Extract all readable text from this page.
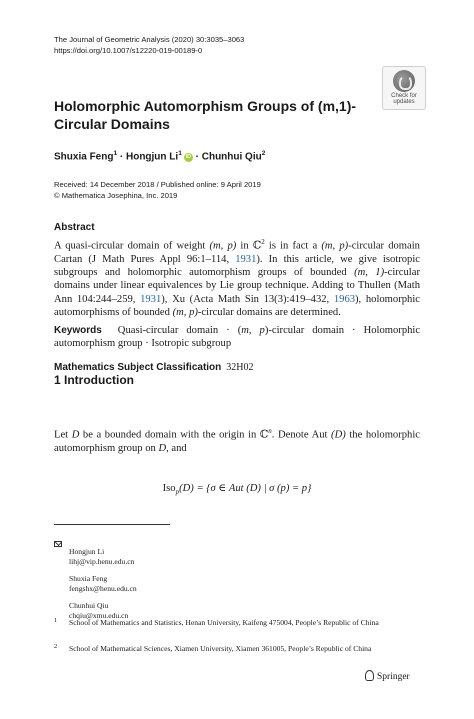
The Journal of Geometric Analysis (2020) 30:3035–3063
https://doi.org/10.1007/s12220-019-00189-0
Check for
updates
Holomorphic Automorphism Groups of (m,1)-Circular Domains
Shuxia Feng$^1$ · Hongjun $Li^1iD$ · Chunhui Qiu$^2$
Received: 14 December 2018 / Published online: 9 April 2019
© Mathematica Josephina, Inc. 2019
Abstract
A quasi-circular domain of weight (m, p) in ℂ$^2$ is in fact a (m, p)-circular domain Cartan (J Math Pures Appl 96:1–114, 1931). In this article, we give isotropic subgroups and holomorphic automorphism groups of bounded (m, 1)-circular domains under linear equivalences by Lie group technique. Adding to Thullen (Math Ann 104:244–259, 1931), Xu (Acta Math Sin 13(3):419–432, 1963), holomorphic automorphisms of bounded (m, p)-circular domains are determined.
Keywords Quasi-circular domain · (m, p)-circular domain · Holomorphic automorphism group · Isotropic subgroup
Mathematics Subject Classification 32H02
1 Introduction
Let D be a bounded domain with the origin in ℂ$^n$. Denote Aut (D) the holomorphic automorphism group on D, and
Iso$_p$(D) = {σ ∈ Aut (D) | σ (p) = p}
Hongjun Li
lihj@vip.henu.edu.cn
Shuxia Feng
fengshx@henu.edu.cn
Chunhui Qiu
chqiu@xmu.edu.cn
1 School of Mathematics and Statistics, Henan University, Kaifeng 475004, People’s Republic of China
2 School of Mathematical Sciences, Xiamen University, Xiamen 361005, People’s Republic of China
Springer
